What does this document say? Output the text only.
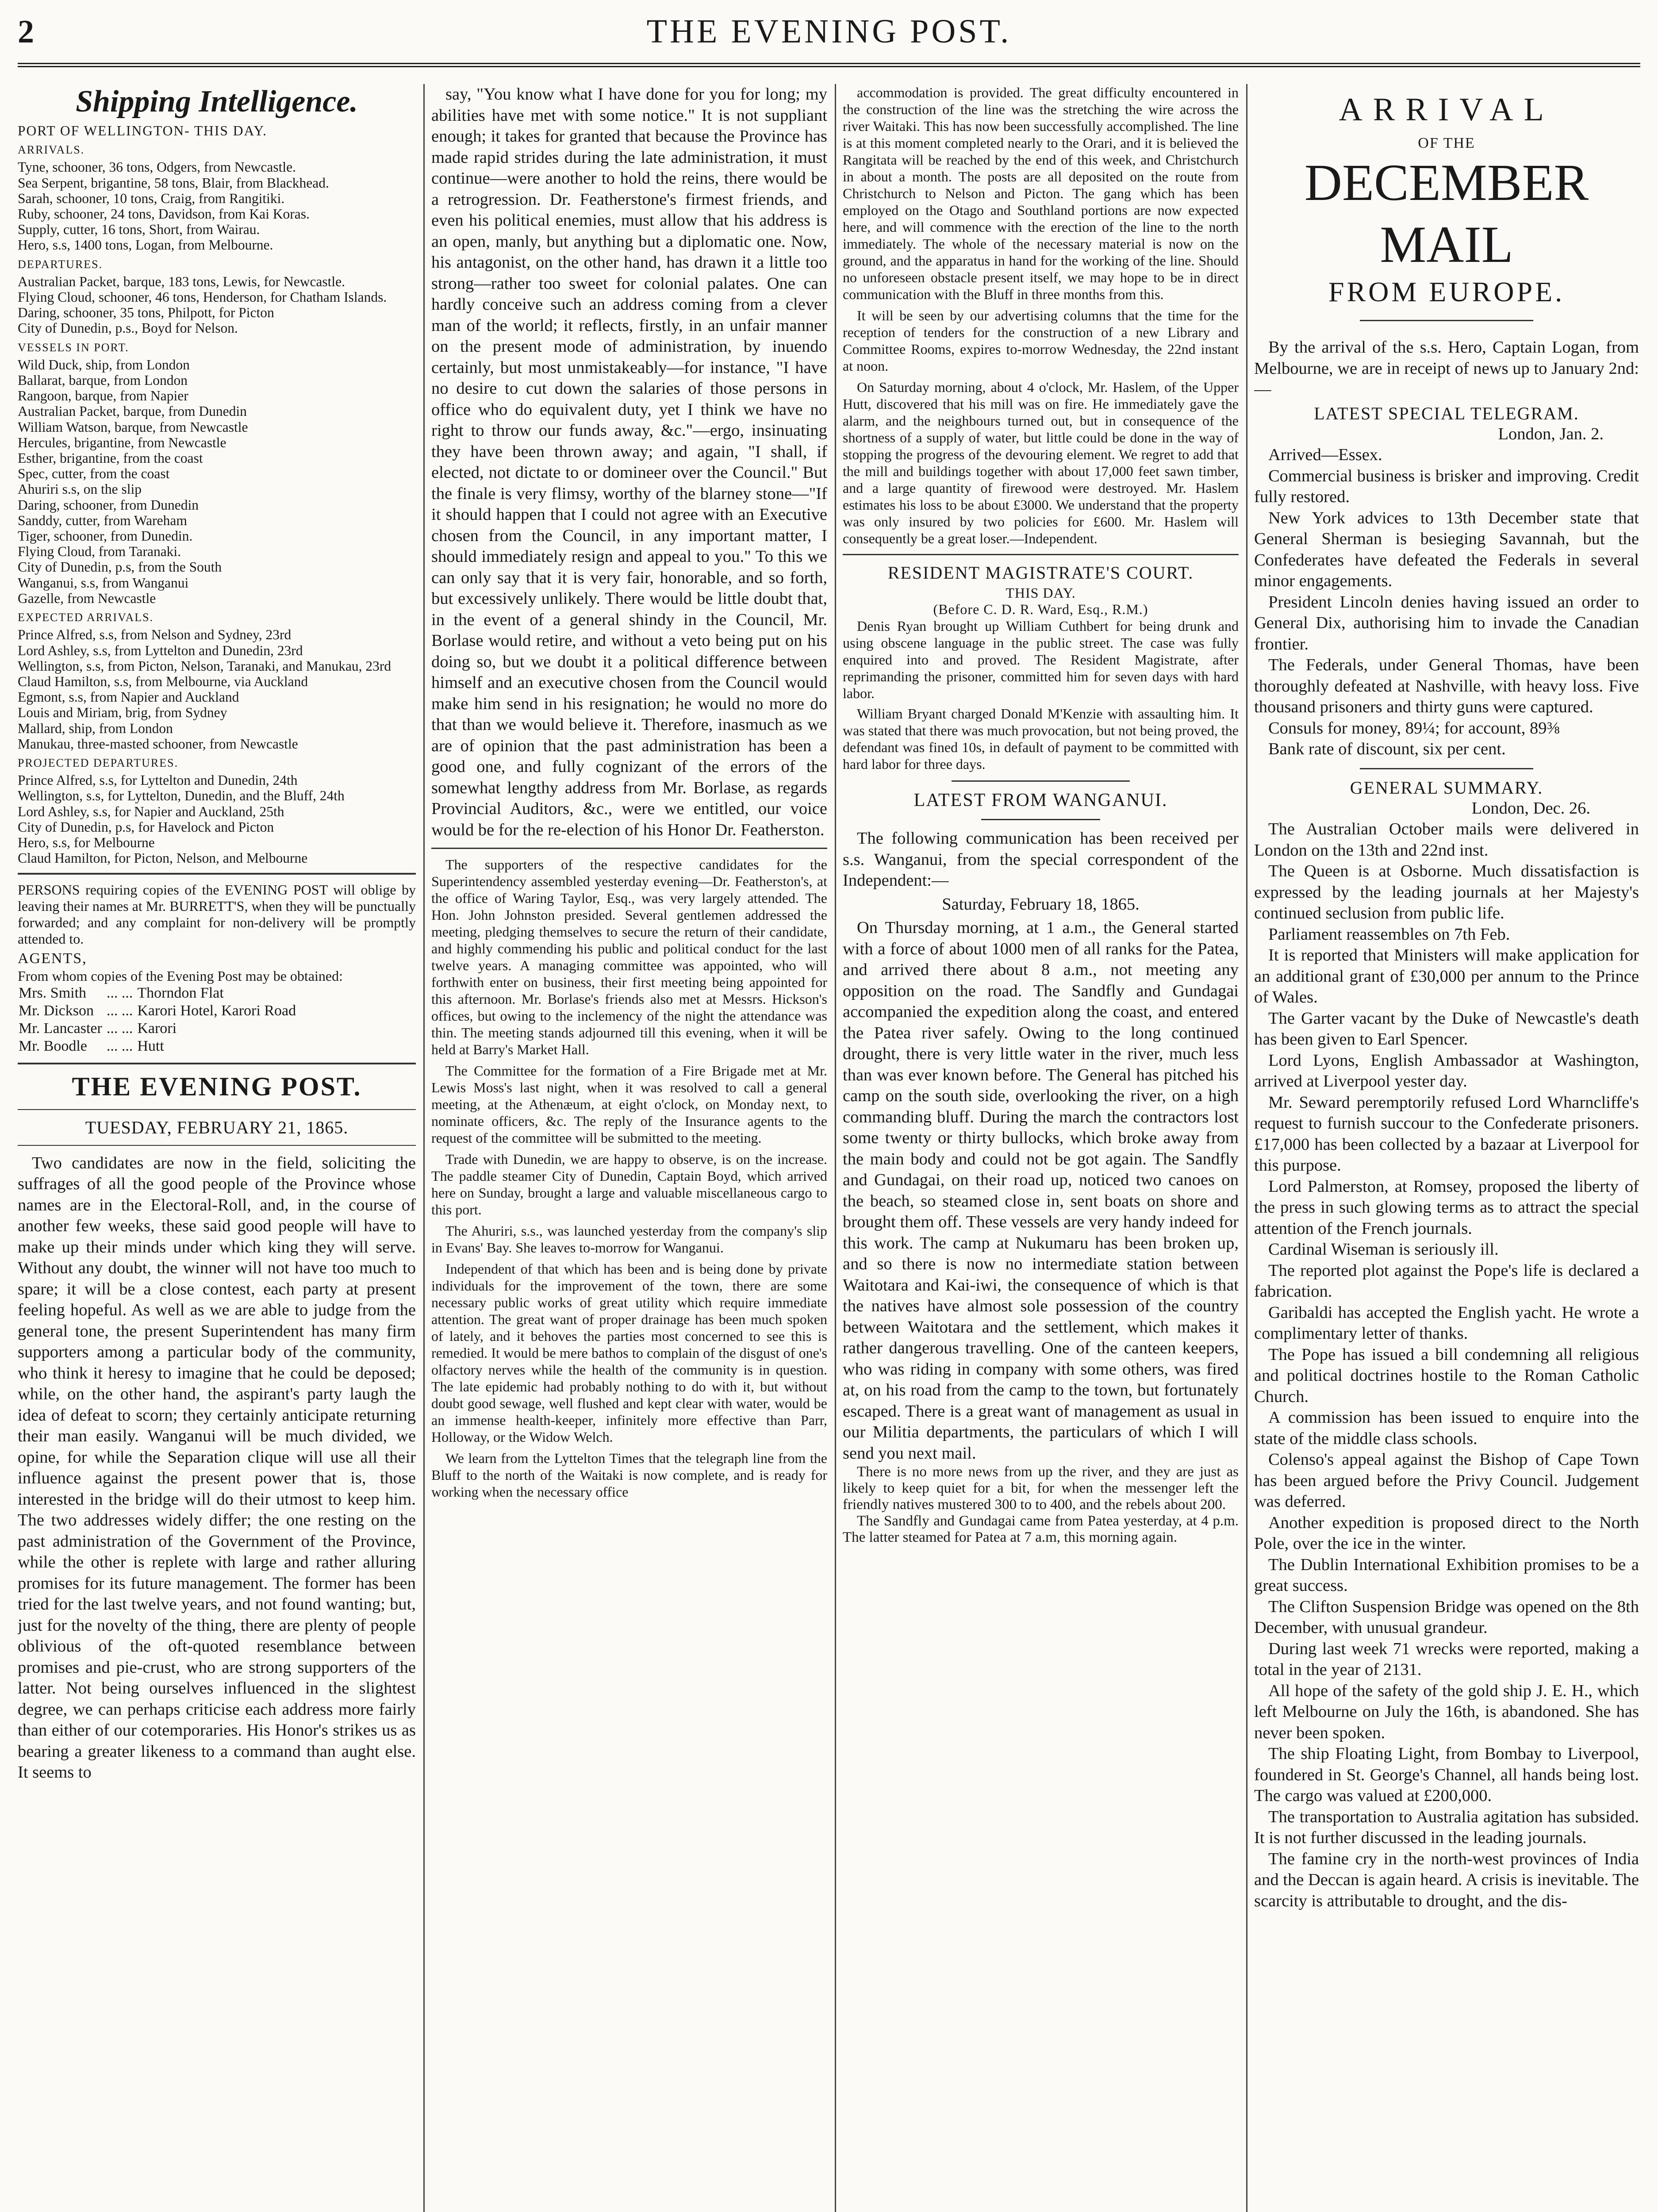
2	THE EVENING POST.
Shipping Intelligence.

PORT OF WELLINGTON- THIS DAY.

ARRIVALS.

Tyne, schooner, 36 tons, Odgers, from Newcastle.

Sea Serpent, brigantine, 58 tons, Blair, from Blackhead.

Sarah, schooner, 10 tons, Craig, from Rangitiki.

Ruby, schooner, 24 tons, Davidson, from Kai Koras.

Supply, cutter, 16 tons, Short, from Wairau.

Hero, s.s, 1400 tons, Logan, from Melbourne.

DEPARTURES.

Australian Packet, barque, 183 tons, Lewis, for Newcastle.

Flying Cloud, schooner, 46 tons, Henderson, for Chatham Islands.

Daring, schooner, 35 tons, Philpott, for Picton

City of Dunedin, p.s., Boyd for Nelson.

VESSELS IN PORT.

Wild Duck, ship, from London

Ballarat, barque, from London

Rangoon, barque, from Napier

Australian Packet, barque, from Dunedin

William Watson, barque, from Newcastle

Hercules, brigantine, from Newcastle

Esther, brigantine, from the coast

Spec, cutter, from the coast

Ahuriri s.s, on the slip

Daring, schooner, from Dunedin

Sanddy, cutter, from Wareham

Tiger, schooner, from Dunedin.

Flying Cloud, from Taranaki.

City of Dunedin, p.s, from the South

Wanganui, s.s, from Wanganui

Gazelle, from Newcastle

EXPECTED ARRIVALS.

Prince Alfred, s.s, from Nelson and Sydney, 23rd

Lord Ashley, s.s, from Lyttelton and Dunedin, 23rd

Wellington, s.s, from Picton, Nelson, Taranaki, and Manukau, 23rd

Claud Hamilton, s.s, from Melbourne, via Auckland

Egmont, s.s, from Napier and Auckland

Louis and Miriam, brig, from Sydney

Mallard, ship, from London

Manukau, three-masted schooner, from Newcastle

PROJECTED DEPARTURES.

Prince Alfred, s.s, for Lyttelton and Dunedin, 24th

Wellington, s.s, for Lyttelton, Dunedin, and the Bluff, 24th

Lord Ashley, s.s, for Napier and Auckland, 25th

City of Dunedin, p.s, for Havelock and Picton

Hero, s.s, for Melbourne

Claud Hamilton, for Picton, Nelson, and Melbourne

PERSONS requiring copies of the EVENING POST will oblige by leaving their names at Mr. BURRETT'S, when they will be punctually forwarded; and any complaint for non-delivery will be promptly attended to.

AGENTS,

From whom copies of the Evening Post may be obtained:

Mrs. Smith	... ...	Thorndon Flat
Mr. Dickson	... ...	Karori Hotel, Karori Road
Mr. Lancaster	... ...	Karori
Mr. Boodle	... ...	Hutt
THE EVENING POST.
TUESDAY, FEBRUARY 21, 1865.

Two candidates are now in the field, soliciting the suffrages of all the good people of the Province whose names are in the Electoral-Roll, and, in the course of another few weeks, these said good people will have to make up their minds under which king they will serve. Without any doubt, the winner will not have too much to spare; it will be a close contest, each party at present feeling hopeful. As well as we are able to judge from the general tone, the present Superintendent has many firm supporters among a particular body of the community, who think it heresy to imagine that he could be deposed; while, on the other hand, the aspirant's party laugh the idea of defeat to scorn; they certainly anticipate returning their man easily. Wanganui will be much divided, we opine, for while the Separation clique will use all their influence against the present power that is, those interested in the bridge will do their utmost to keep him. The two addresses widely differ; the one resting on the past administration of the Government of the Province, while the other is replete with large and rather alluring promises for its future management. The former has been tried for the last twelve years, and not found wanting; but, just for the novelty of the thing, there are plenty of people oblivious of the oft-quoted resemblance between promises and pie-crust, who are strong supporters of the latter. Not being ourselves influenced in the slightest degree, we can perhaps criticise each address more fairly than either of our cotemporaries. His Honor's strikes us as bearing a greater likeness to a command than aught else. It seems to

say, "You know what I have done for you for long; my abilities have met with some notice." It is not suppliant enough; it takes for granted that because the Province has made rapid strides during the late administration, it must continue—were another to hold the reins, there would be a retrogression. Dr. Featherstone's firmest friends, and even his political enemies, must allow that his address is an open, manly, but anything but a diplomatic one. Now, his antagonist, on the other hand, has drawn it a little too strong—rather too sweet for colonial palates. One can hardly conceive such an address coming from a clever man of the world; it reflects, firstly, in an unfair manner on the present mode of administration, by inuendo certainly, but most unmistakeably—for instance, "I have no desire to cut down the salaries of those persons in office who do equivalent duty, yet I think we have no right to throw our funds away, &c."—ergo, insinuating they have been thrown away; and again, "I shall, if elected, not dictate to or domineer over the Council." But the finale is very flimsy, worthy of the blarney stone—"If it should happen that I could not agree with an Executive chosen from the Council, in any important matter, I should immediately resign and appeal to you." To this we can only say that it is very fair, honorable, and so forth, but excessively unlikely. There would be little doubt that, in the event of a general shindy in the Council, Mr. Borlase would retire, and without a veto being put on his doing so, but we doubt it a political difference between himself and an executive chosen from the Council would make him send in his resignation; he would no more do that than we would believe it. Therefore, inasmuch as we are of opinion that the past administration has been a good one, and fully cognizant of the errors of the somewhat lengthy address from Mr. Borlase, as regards Provincial Auditors, &c., were we entitled, our voice would be for the re-election of his Honor Dr. Featherston.

The supporters of the respective candidates for the Superintendency assembled yesterday evening—Dr. Featherston's, at the office of Waring Taylor, Esq., was very largely attended. The Hon. John Johnston presided. Several gentlemen addressed the meeting, pledging themselves to secure the return of their candidate, and highly commending his public and political conduct for the last twelve years. A managing committee was appointed, who will forthwith enter on business, their first meeting being appointed for this afternoon. Mr. Borlase's friends also met at Messrs. Hickson's offices, but owing to the inclemency of the night the attendance was thin. The meeting stands adjourned till this evening, when it will be held at Barry's Market Hall.

The Committee for the formation of a Fire Brigade met at Mr. Lewis Moss's last night, when it was resolved to call a general meeting, at the Athenæum, at eight o'clock, on Monday next, to nominate officers, &c. The reply of the Insurance agents to the request of the committee will be submitted to the meeting.

Trade with Dunedin, we are happy to observe, is on the increase. The paddle steamer City of Dunedin, Captain Boyd, which arrived here on Sunday, brought a large and valuable miscellaneous cargo to this port.

The Ahuriri, s.s., was launched yesterday from the company's slip in Evans' Bay. She leaves to-morrow for Wanganui.

Independent of that which has been and is being done by private individuals for the improvement of the town, there are some necessary public works of great utility which require immediate attention. The great want of proper drainage has been much spoken of lately, and it behoves the parties most concerned to see this is remedied. It would be mere bathos to complain of the disgust of one's olfactory nerves while the health of the community is in question. The late epidemic had probably nothing to do with it, but without doubt good sewage, well flushed and kept clear with water, would be an immense health-keeper, infinitely more effective than Parr, Holloway, or the Widow Welch.

We learn from the Lyttelton Times that the telegraph line from the Bluff to the north of the Waitaki is now complete, and is ready for working when the necessary office

accommodation is provided. The great difficulty encountered in the construction of the line was the stretching the wire across the river Waitaki. This has now been successfully accomplished. The line is at this moment completed nearly to the Orari, and it is believed the Rangitata will be reached by the end of this week, and Christchurch in about a month. The posts are all deposited on the route from Christchurch to Nelson and Picton. The gang which has been employed on the Otago and Southland portions are now expected here, and will commence with the erection of the line to the north immediately. The whole of the necessary material is now on the ground, and the apparatus in hand for the working of the line. Should no unforeseen obstacle present itself, we may hope to be in direct communication with the Bluff in three months from this.

It will be seen by our advertising columns that the time for the reception of tenders for the construction of a new Library and Committee Rooms, expires to-morrow Wednesday, the 22nd instant at noon.

On Saturday morning, about 4 o'clock, Mr. Haslem, of the Upper Hutt, discovered that his mill was on fire. He immediately gave the alarm, and the neighbours turned out, but in consequence of the shortness of a supply of water, but little could be done in the way of stopping the progress of the devouring element. We regret to add that the mill and buildings together with about 17,000 feet sawn timber, and a large quantity of firewood were destroyed. Mr. Haslem estimates his loss to be about £3000. We understand that the property was only insured by two policies for £600. Mr. Haslem will consequently be a great loser.—Independent.

RESIDENT MAGISTRATE'S COURT.
THIS DAY.
(Before C. D. R. Ward, Esq., R.M.)

Denis Ryan brought up William Cuthbert for being drunk and using obscene language in the public street. The case was fully enquired into and proved. The Resident Magistrate, after reprimanding the prisoner, committed him for seven days with hard labor.

William Bryant charged Donald M'Kenzie with assaulting him. It was stated that there was much provocation, but not being proved, the defendant was fined 10s, in default of payment to be committed with hard labor for three days.

LATEST FROM WANGANUI.

The following communication has been received per s.s. Wanganui, from the special correspondent of the Independent:—

Saturday, February 18, 1865.

On Thursday morning, at 1 a.m., the General started with a force of about 1000 men of all ranks for the Patea, and arrived there about 8 a.m., not meeting any opposition on the road. The Sandfly and Gundagai accompanied the expedition along the coast, and entered the Patea river safely. Owing to the long continued drought, there is very little water in the river, much less than was ever known before. The General has pitched his camp on the south side, overlooking the river, on a high commanding bluff. During the march the contractors lost some twenty or thirty bullocks, which broke away from the main body and could not be got again. The Sandfly and Gundagai, on their road up, noticed two canoes on the beach, so steamed close in, sent boats on shore and brought them off. These vessels are very handy indeed for this work. The camp at Nukumaru has been broken up, and so there is now no intermediate station between Waitotara and Kai-iwi, the consequence of which is that the natives have almost sole possession of the country between Waitotara and the settlement, which makes it rather dangerous travelling. One of the canteen keepers, who was riding in company with some others, was fired at, on his road from the camp to the town, but fortunately escaped. There is a great want of management as usual in our Militia departments, the particulars of which I will send you next mail.

There is no more news from up the river, and they are just as likely to keep quiet for a bit, for when the messenger left the friendly natives mustered 300 to to 400, and the rebels about 200.

The Sandfly and Gundagai came from Patea yesterday, at 4 p.m. The latter steamed for Patea at 7 a.m, this morning again.

ARRIVAL
OF THE
DECEMBER MAIL
FROM EUROPE.

By the arrival of the s.s. Hero, Captain Logan, from Melbourne, we are in receipt of news up to January 2nd:—

LATEST SPECIAL TELEGRAM.

London, Jan. 2.

Arrived—Essex.

Commercial business is brisker and improving. Credit fully restored.

New York advices to 13th December state that General Sherman is besieging Savannah, but the Confederates have defeated the Federals in several minor engagements.

President Lincoln denies having issued an order to General Dix, authorising him to invade the Canadian frontier.

The Federals, under General Thomas, have been thoroughly defeated at Nashville, with heavy loss. Five thousand prisoners and thirty guns were captured.

Consuls for money, 89¼; for account, 89⅜

Bank rate of discount, six per cent.

GENERAL SUMMARY.

London, Dec. 26.

The Australian October mails were delivered in London on the 13th and 22nd inst.

The Queen is at Osborne. Much dissatisfaction is expressed by the leading journals at her Majesty's continued seclusion from public life.

Parliament reassembles on 7th Feb.

It is reported that Ministers will make application for an additional grant of £30,000 per annum to the Prince of Wales.

The Garter vacant by the Duke of Newcastle's death has been given to Earl Spencer.

Lord Lyons, English Ambassador at Washington, arrived at Liverpool yester day.

Mr. Seward peremptorily refused Lord Wharncliffe's request to furnish succour to the Confederate prisoners. £17,000 has been collected by a bazaar at Liverpool for this purpose.

Lord Palmerston, at Romsey, proposed the liberty of the press in such glowing terms as to attract the special attention of the French journals.

Cardinal Wiseman is seriously ill.

The reported plot against the Pope's life is declared a fabrication.

Garibaldi has accepted the English yacht. He wrote a complimentary letter of thanks.

The Pope has issued a bill condemning all religious and political doctrines hostile to the Roman Catholic Church.

A commission has been issued to enquire into the state of the middle class schools.

Colenso's appeal against the Bishop of Cape Town has been argued before the Privy Council. Judgement was deferred.

Another expedition is proposed direct to the North Pole, over the ice in the winter.

The Dublin International Exhibition promises to be a great success.

The Clifton Suspension Bridge was opened on the 8th December, with unusual grandeur.

During last week 71 wrecks were reported, making a total in the year of 2131.

All hope of the safety of the gold ship J. E. H., which left Melbourne on July the 16th, is abandoned. She has never been spoken.

The ship Floating Light, from Bombay to Liverpool, foundered in St. George's Channel, all hands being lost. The cargo was valued at £200,000.

The transportation to Australia agitation has subsided. It is not further discussed in the leading journals.

The famine cry in the north-west provinces of India and the Deccan is again heard. A crisis is inevitable. The scarcity is attributable to drought, and the dis-
